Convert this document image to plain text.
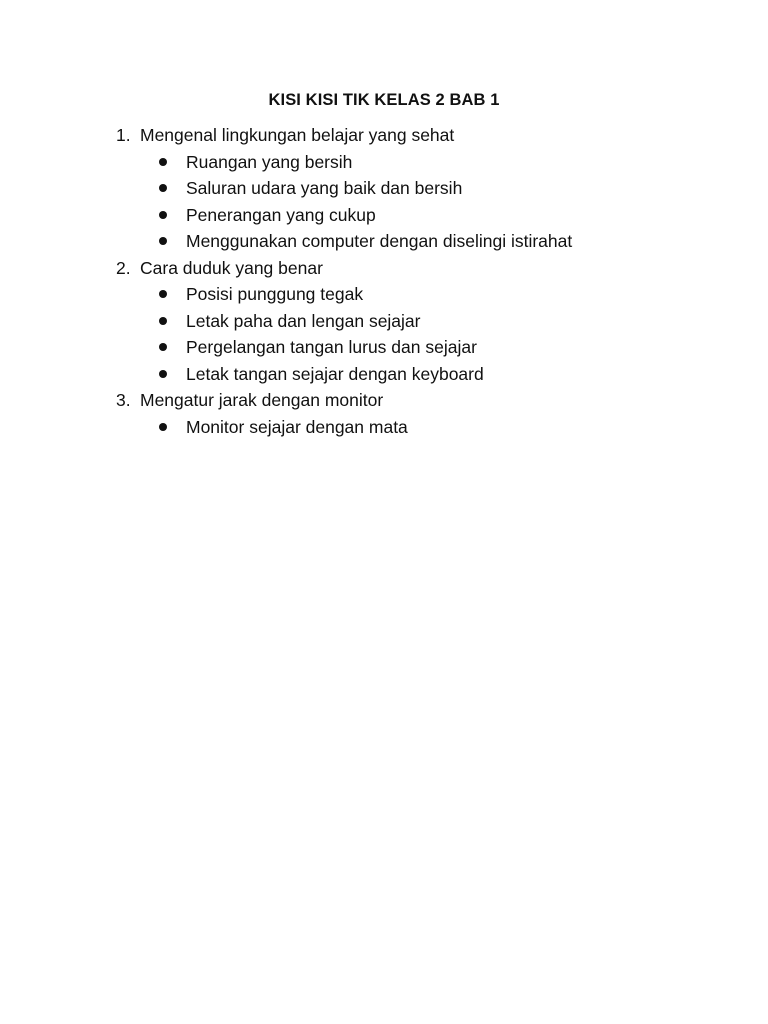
KISI KISI TIK KELAS 2 BAB 1
1. Mengenal lingkungan belajar yang sehat
Ruangan yang bersih
Saluran udara yang baik dan bersih
Penerangan yang cukup
Menggunakan computer dengan diselingi istirahat
2. Cara duduk yang benar
Posisi punggung tegak
Letak paha dan lengan sejajar
Pergelangan tangan lurus dan sejajar
Letak tangan sejajar dengan keyboard
3. Mengatur jarak dengan monitor
Monitor sejajar dengan mata
